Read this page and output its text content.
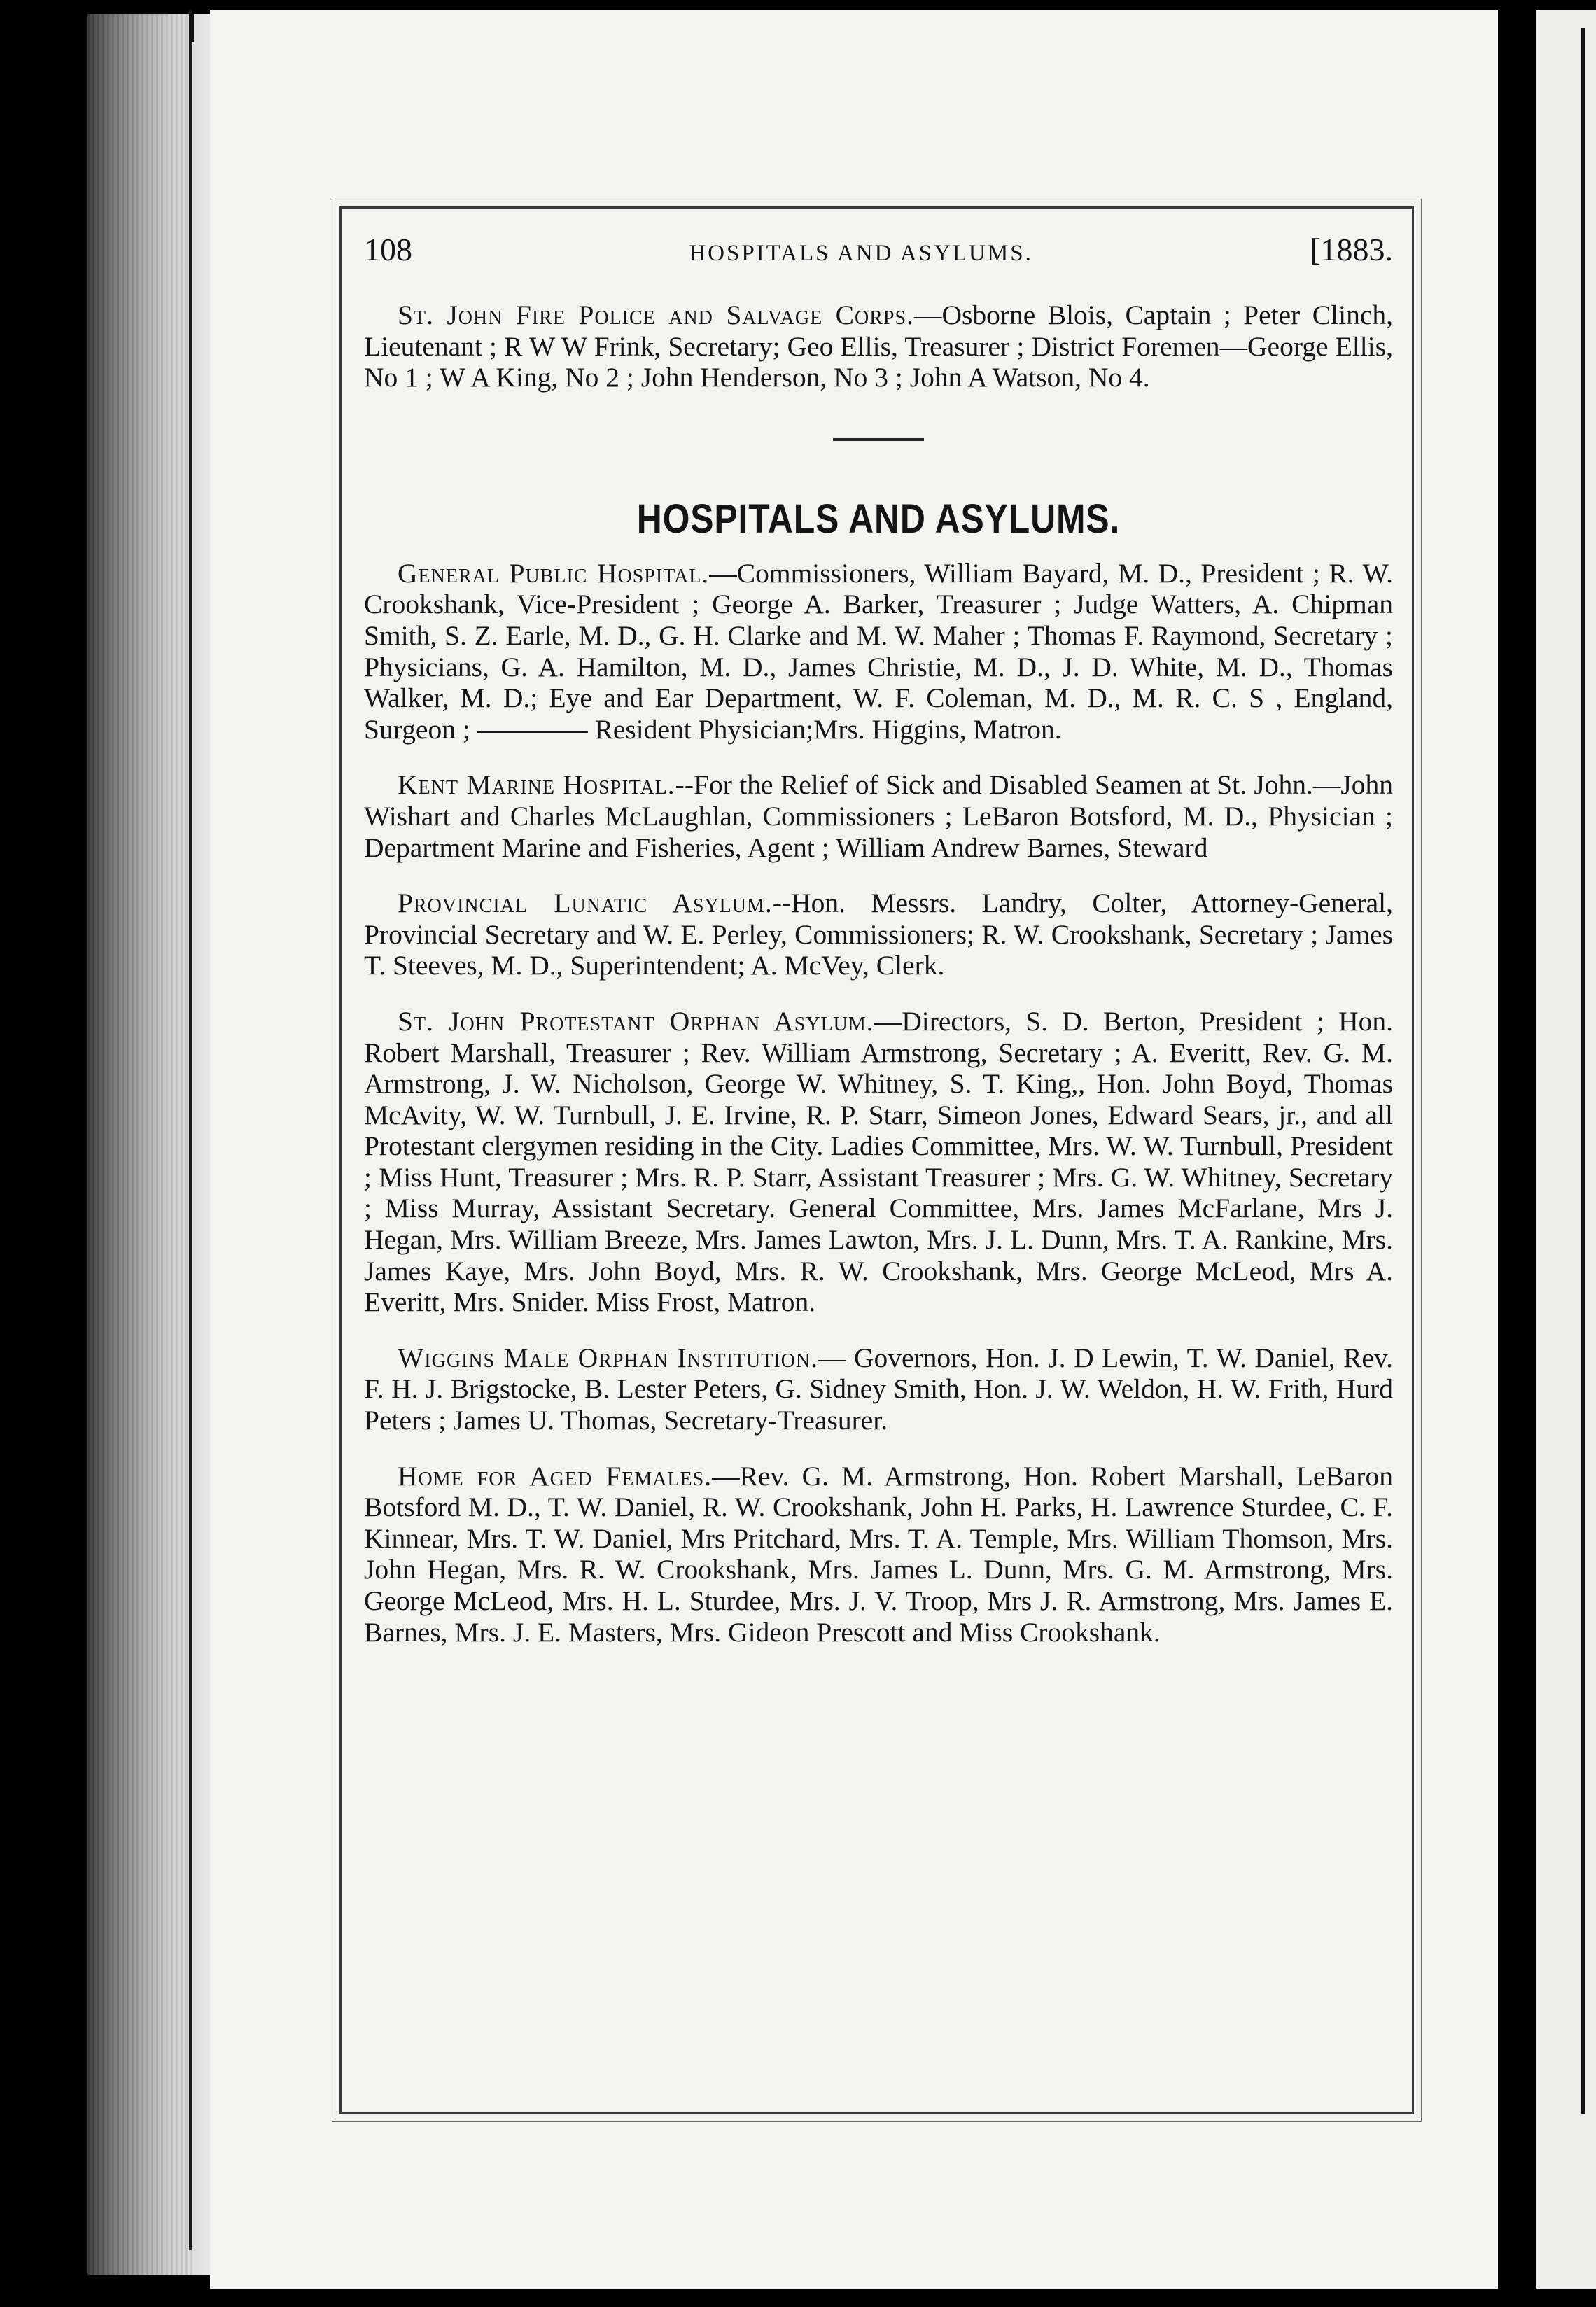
108	HOSPITALS AND ASYLUMS.	[1883.

St. John Fire Police and Salvage Corps.—Osborne Blois, Captain ; Peter Clinch, Lieutenant ; R W W Frink, Secretary; Geo Ellis, Treasurer ; District Foremen—George Ellis, No 1 ; W A King, No 2 ; John Henderson, No 3 ; John A Watson, No 4.

HOSPITALS AND ASYLUMS.

General Public Hospital.—Commissioners, William Bayard, M. D., President ; R. W. Crookshank, Vice-President ; George A. Barker, Treasurer ; Judge Watters, A. Chipman Smith, S. Z. Earle, M. D., G. H. Clarke and M. W. Maher ; Thomas F. Raymond, Secretary ; Physicians, G. A. Hamilton, M. D., James Christie, M. D., J. D. White, M. D., Thomas Walker, M. D.; Eye and Ear Department, W. F. Coleman, M. D., M. R. C. S , England, Surgeon ; ———— Resident Physician;Mrs. Higgins, Matron.

Kent Marine Hospital.--For the Relief of Sick and Disabled Seamen at St. John.—John Wishart and Charles McLaughlan, Commissioners ; LeBaron Botsford, M. D., Physician ; Department Marine and Fisheries, Agent ; William Andrew Barnes, Steward

Provincial Lunatic Asylum.--Hon. Messrs. Landry, Colter, Attorney-General, Provincial Secretary and W. E. Perley, Commissioners; R. W. Crookshank, Secretary ; James T. Steeves, M. D., Superintendent; A. McVey, Clerk.

St. John Protestant Orphan Asylum.—Directors, S. D. Berton, President ; Hon. Robert Marshall, Treasurer ; Rev. William Armstrong, Secretary ; A. Everitt, Rev. G. M. Armstrong, J. W. Nicholson, George W. Whitney, S. T. King,, Hon. John Boyd, Thomas McAvity, W. W. Turnbull, J. E. Irvine, R. P. Starr, Simeon Jones, Edward Sears, jr., and all Protestant clergymen residing in the City. Ladies Committee, Mrs. W. W. Turnbull, President ; Miss Hunt, Treasurer ; Mrs. R. P. Starr, Assistant Treasurer ; Mrs. G. W. Whitney, Secretary ; Miss Murray, Assistant Secretary. General Committee, Mrs. James McFarlane, Mrs J. Hegan, Mrs. William Breeze, Mrs. James Lawton, Mrs. J. L. Dunn, Mrs. T. A. Rankine, Mrs. James Kaye, Mrs. John Boyd, Mrs. R. W. Crookshank, Mrs. George McLeod, Mrs A. Everitt, Mrs. Snider. Miss Frost, Matron.

Wiggins Male Orphan Institution.— Governors, Hon. J. D Lewin, T. W. Daniel, Rev. F. H. J. Brigstocke, B. Lester Peters, G. Sidney Smith, Hon. J. W. Weldon, H. W. Frith, Hurd Peters ; James U. Thomas, Secretary-Treasurer.

Home for Aged Females.—Rev. G. M. Armstrong, Hon. Robert Marshall, LeBaron Botsford M. D., T. W. Daniel, R. W. Crookshank, John H. Parks, H. Lawrence Sturdee, C. F. Kinnear, Mrs. T. W. Daniel, Mrs Pritchard, Mrs. T. A. Temple, Mrs. William Thomson, Mrs. John Hegan, Mrs. R. W. Crookshank, Mrs. James L. Dunn, Mrs. G. M. Armstrong, Mrs. George McLeod, Mrs. H. L. Sturdee, Mrs. J. V. Troop, Mrs J. R. Armstrong, Mrs. James E. Barnes, Mrs. J. E. Masters, Mrs. Gideon Prescott and Miss Crookshank.
